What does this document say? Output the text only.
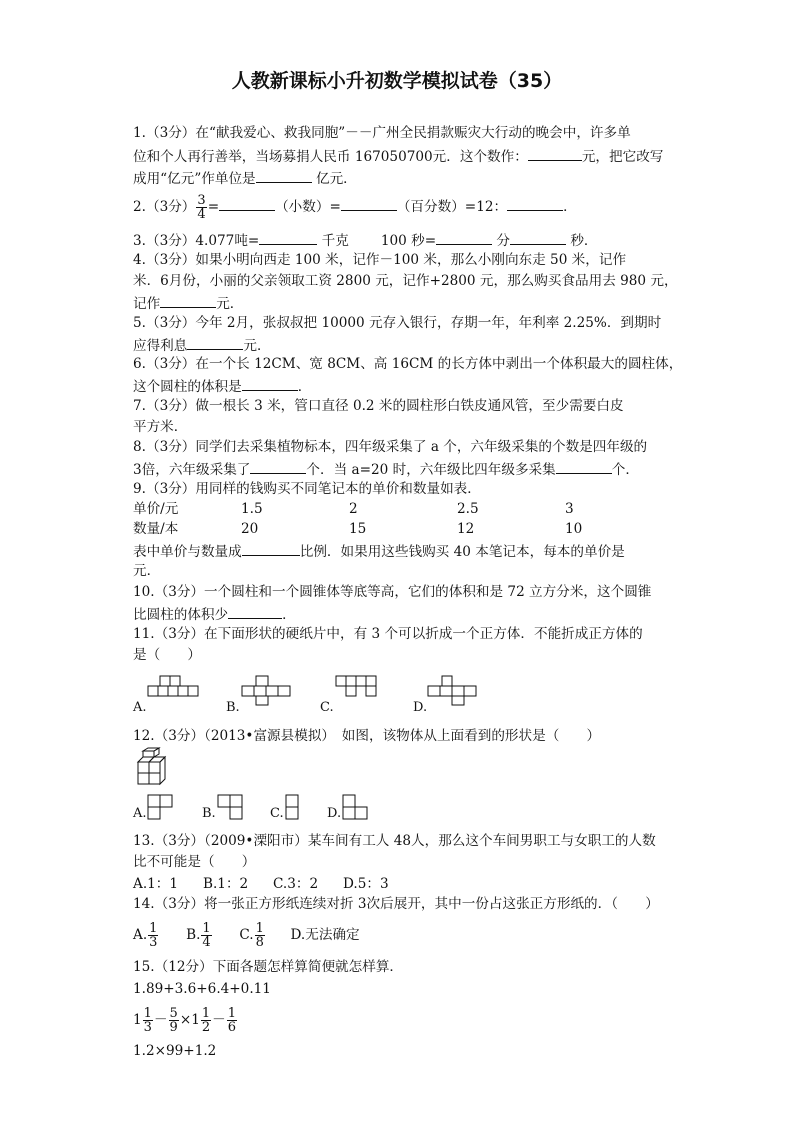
人教新课标小升初数学模拟试卷（35）
1.（3分）在“献我爱心、救我同胞”－－广州全民捐款赈灾大行动的晚会中，许多单
位和个人再行善举，当场募捐人民币 167050700元．这个数作：	元，把它改写
成用“亿元”作单位是	亿元．
2.（3分） $\frac{3}{4}$ =	（小数）=	（百分数）=12：	．
3.（3分）4.077吨=	千克 100 秒=	分	秒．
4.（3分）如果小明向西走 100 米，记作－100 米，那么小刚向东走 50 米，记作
米．6月份，小丽的父亲领取工资 2800 元，记作+2800 元，那么购买食品用去 980 元，
记作	元．
5.（3分）今年 2月，张叔叔把 10000 元存入银行，存期一年，年利率 2.25%．到期时
应得利息	元．
6.（3分）在一个长 12CM、宽 8CM、高 16CM 的长方体中剥出一个体积最大的圆柱体，
这个圆柱的体积是	．
7.（3分）做一根长 3 米，管口直径 0.2 米的圆柱形白铁皮通风管，至少需要白皮
平方米．
8.（3分）同学们去采集植物标本，四年级采集了 a 个，六年级采集的个数是四年级的
3倍，六年级采集了	个．当 a=20 时，六年级比四年级多采集	个．
9.（3分）用同样的钱购买不同笔记本的单价和数量如表．
单价/元	1.5	2	2.5	3
数量/本	20	15	12	10
表中单价与数量成	比例．如果用这些钱购买 40 本笔记本，每本的单价是
元．
10.（3分）一个圆柱和一个圆锥体等底等高，它们的体积和是 72 立方分米，这个圆锥
比圆柱的体积少	．
11.（3分）在下面形状的硬纸片中，有 3 个可以折成一个正方体．不能折成正方体的
是（　　）
A.	B.	C.	D.
12.（3分）（2013•富源县模拟）　如图，该物体从上面看到的形状是（　　）
A.	B.	C.	D.
13.（3分）（2009•溧阳市）某车间有工人 48人，那么这个车间男职工与女职工的人数
比不可能是（　　）
A.1：1 B.1：2 C.3：2 D.5：3
14.（3分）将一张正方形纸连续对折 3次后展开，其中一份占这张正方形纸的．（　　）
A. $\frac{1}{3} B$. $\frac{1}{4} C$. $\frac{1}{8} D$.无法确定
15.（12分）下面各题怎样算简便就怎样算．
1.89+3.6+6.4+0.11
$1 \frac{1}{3} - \frac{5}{9} \times 1 \frac{1}{2} - \frac{1}{6}$
1.2×99+1.2
